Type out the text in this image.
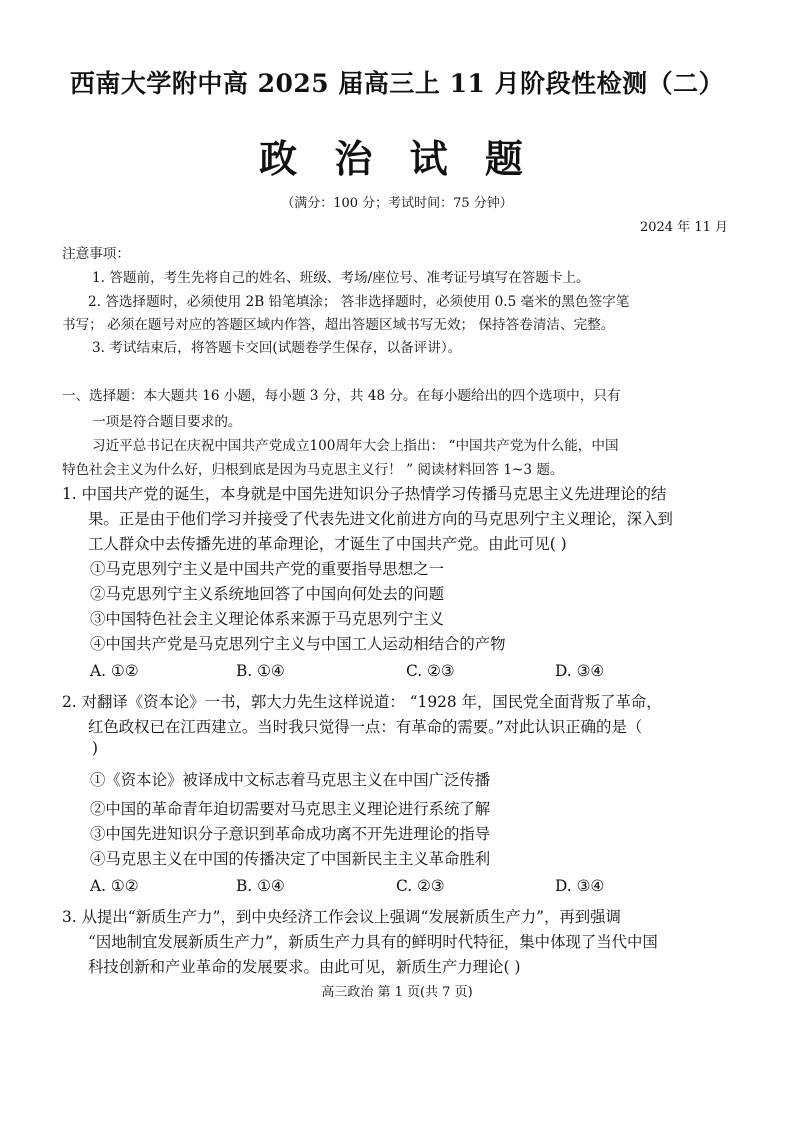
西南大学附中高 2025 届高三上 11 月阶段性检测（二）
政 治 试 题
（满分：100 分；考试时间：75 分钟）
2024 年 11 月
注意事项：
1. 答题前，考生先将自己的姓名、班级、考场/座位号、准考证号填写在答题卡上。
2. 答选择题时，必须使用 2B 铅笔填涂； 答非选择题时，必须使用 0.5 毫米的黑色签字笔
书写； 必须在题号对应的答题区域内作答，超出答题区域书写无效； 保持答卷清洁、完整。
3. 考试结束后，将答题卡交回(试题卷学生保存，以备评讲）。
一、选择题：本大题共 16 小题，每小题 3 分，共 48 分。在每小题给出的四个选项中，只有
一项是符合题目要求的。
习近平总书记在庆祝中国共产党成立100周年大会上指出： “中国共产党为什么能，中国
特色社会主义为什么好，归根到底是因为马克思主义行！ ” 阅读材料回答 1~3 题。
1. 中国共产党的诞生，本身就是中国先进知识分子热情学习传播马克思主义先进理论的结
果。正是由于他们学习并接受了代表先进文化前进方向的马克思列宁主义理论，深入到
工人群众中去传播先进的革命理论，才诞生了中国共产党。由此可见( )
①马克思列宁主义是中国共产党的重要指导思想之一
②马克思列宁主义系统地回答了中国向何处去的问题
③中国特色社会主义理论体系来源于马克思列宁主义
④中国共产党是马克思列宁主义与中国工人运动相结合的产物
A. ①②	B. ①④	C. ②③	D. ③④
2. 对翻译《资本论》一书，郭大力先生这样说道： “1928 年，国民党全面背叛了革命，
红色政权已在江西建立。当时我只觉得一点：有革命的需要。”对此认识正确的是（
)
①《资本论》被译成中文标志着马克思主义在中国广泛传播
②中国的革命青年迫切需要对马克思主义理论进行系统了解
③中国先进知识分子意识到革命成功离不开先进理论的指导
④马克思主义在中国的传播决定了中国新民主主义革命胜利
A. ①②	B. ①④	C. ②③	D. ③④
3. 从提出“新质生产力”，到中央经济工作会议上强调“发展新质生产力”，再到强调
“因地制宜发展新质生产力”，新质生产力具有的鲜明时代特征，集中体现了当代中国
科技创新和产业革命的发展要求。由此可见，新质生产力理论( )
高三政治 第 1 页(共 7 页)
